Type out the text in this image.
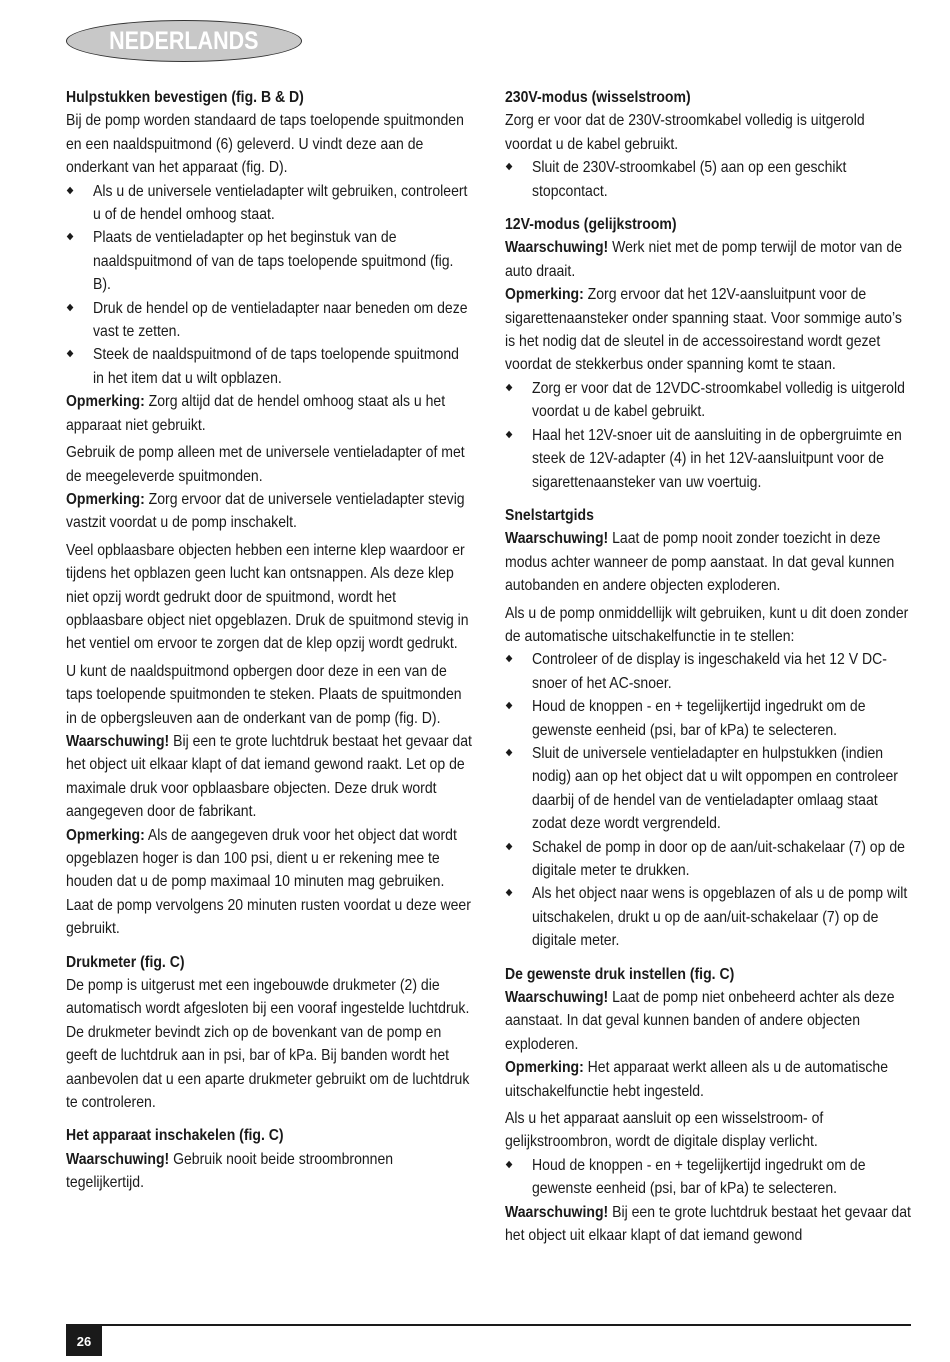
NEDERLANDS
Hulpstukken bevestigen (fig. B & D)

Bij de pomp worden standaard de taps toelopende spuitmonden en een naaldspuitmond (6) geleverd. U vindt deze aan de onderkant van het apparaat (fig. D).

Als u de universele ventieladapter wilt gebruiken, controleert u of de hendel omhoog staat.
Plaats de ventieladapter op het beginstuk van de naaldspuitmond of van de taps toelopende spuitmond (fig. B).
Druk de hendel op de ventieladapter naar beneden om deze vast te zetten.
Steek de naaldspuitmond of de taps toelopende spuitmond in het item dat u wilt opblazen.

Opmerking: Zorg altijd dat de hendel omhoog staat als u het apparaat niet gebruikt.

Gebruik de pomp alleen met de universele ventieladapter of met de meegeleverde spuitmonden.

Opmerking: Zorg ervoor dat de universele ventieladapter stevig vastzit voordat u de pomp inschakelt.

Veel opblaasbare objecten hebben een interne klep waardoor er tijdens het opblazen geen lucht kan ontsnappen. Als deze klep niet opzij wordt gedrukt door de spuitmond, wordt het opblaasbare object niet opgeblazen. Druk de spuitmond stevig in het ventiel om ervoor te zorgen dat de klep opzij wordt gedrukt.

U kunt de naaldspuitmond opbergen door deze in een van de taps toelopende spuitmonden te steken. Plaats de spuitmonden in de opbergsleuven aan de onderkant van de pomp (fig. D).

Waarschuwing! Bij een te grote luchtdruk bestaat het gevaar dat het object uit elkaar klapt of dat iemand gewond raakt. Let op de maximale druk voor opblaasbare objecten. Deze druk wordt aangegeven door de fabrikant.

Opmerking: Als de aangegeven druk voor het object dat wordt opgeblazen hoger is dan 100 psi, dient u er rekening mee te houden dat u de pomp maximaal 10 minuten mag gebruiken. Laat de pomp vervolgens 20 minuten rusten voordat u deze weer gebruikt.

Drukmeter (fig. C)

De pomp is uitgerust met een ingebouwde drukmeter (2) die automatisch wordt afgesloten bij een vooraf ingestelde luchtdruk. De drukmeter bevindt zich op de bovenkant van de pomp en geeft de luchtdruk aan in psi, bar of kPa. Bij banden wordt het aanbevolen dat u een aparte drukmeter gebruikt om de luchtdruk te controleren.

Het apparaat inschakelen (fig. C)

Waarschuwing! Gebruik nooit beide stroombronnen tegelijkertijd.

230V-modus (wisselstroom)

Zorg er voor dat de 230V-stroomkabel volledig is uitgerold voordat u de kabel gebruikt.

Sluit de 230V-stroomkabel (5) aan op een geschikt stopcontact.
12V-modus (gelijkstroom)

Waarschuwing! Werk niet met de pomp terwijl de motor van de auto draait.

Opmerking: Zorg ervoor dat het 12V-aansluitpunt voor de sigarettenaansteker onder spanning staat. Voor sommige auto’s is het nodig dat de sleutel in de accessoirestand wordt gezet voordat de stekkerbus onder spanning komt te staan.

Zorg er voor dat de 12VDC-stroomkabel volledig is uitgerold voordat u de kabel gebruikt.
Haal het 12V-snoer uit de aansluiting in de opbergruimte en steek de 12V-adapter (4) in het 12V-aansluitpunt voor de sigarettenaansteker van uw voertuig.
Snelstartgids

Waarschuwing! Laat de pomp nooit zonder toezicht in deze modus achter wanneer de pomp aanstaat. In dat geval kunnen autobanden en andere objecten exploderen.

Als u de pomp onmiddellijk wilt gebruiken, kunt u dit doen zonder de automatische uitschakelfunctie in te stellen:

Controleer of de display is ingeschakeld via het 12 V DC-snoer of het AC-snoer.
Houd de knoppen - en + tegelijkertijd ingedrukt om de gewenste eenheid (psi, bar of kPa) te selecteren.
Sluit de universele ventieladapter en hulpstukken (indien nodig) aan op het object dat u wilt oppompen en controleer daarbij of de hendel van de ventieladapter omlaag staat zodat deze wordt vergrendeld.
Schakel de pomp in door op de aan/uit-schakelaar (7) op de digitale meter te drukken.
Als het object naar wens is opgeblazen of als u de pomp wilt uitschakelen, drukt u op de aan/uit-schakelaar (7) op de digitale meter.
De gewenste druk instellen (fig. C)

Waarschuwing! Laat de pomp niet onbeheerd achter als deze aanstaat. In dat geval kunnen banden of andere objecten exploderen.

Opmerking: Het apparaat werkt alleen als u de automatische uitschakelfunctie hebt ingesteld.

Als u het apparaat aansluit op een wisselstroom- of gelijkstroombron, wordt de digitale display verlicht.

Houd de knoppen - en + tegelijkertijd ingedrukt om de gewenste eenheid (psi, bar of kPa) te selecteren.

Waarschuwing! Bij een te grote luchtdruk bestaat het gevaar dat het object uit elkaar klapt of dat iemand gewond

26
